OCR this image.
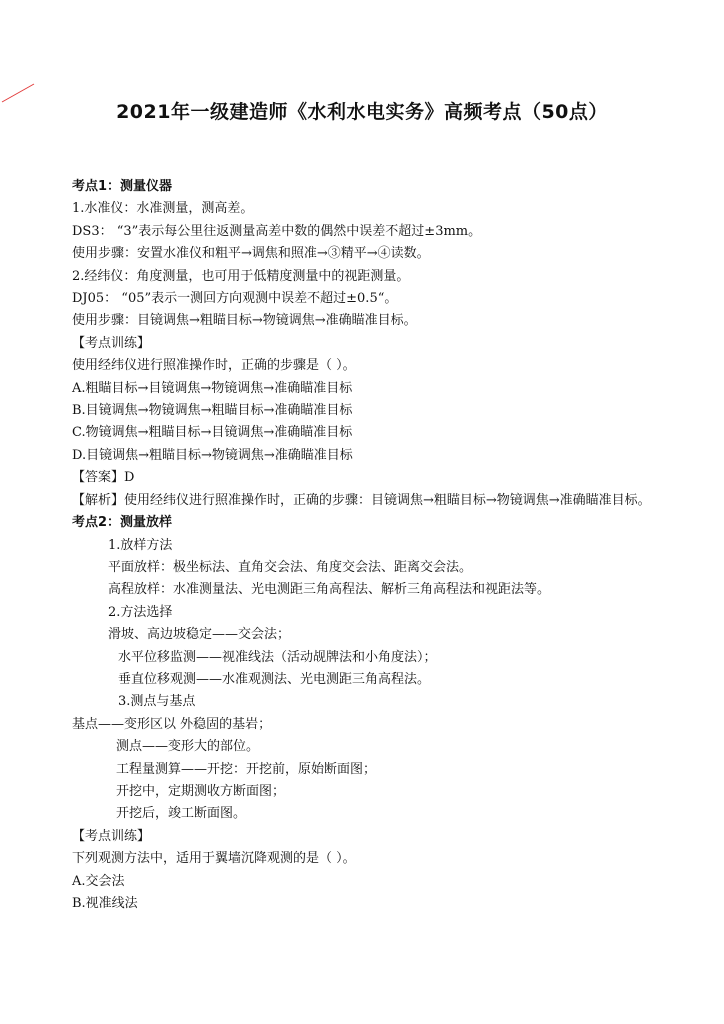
2021年一级建造师《水利水电实务》高频考点（50点）
考点1：测量仪器
1.水准仪：水准测量，测高差。
DS3： “3”表示每公里往返测量高差中数的偶然中误差不超过±3mm。
使用步骤：安置水准仪和粗平→调焦和照准→③精平→④读数。
2.经纬仪：角度测量，也可用于低精度测量中的视距测量。
DJ05： “05”表示一测回方向观测中误差不超过±0.5“。
使用步骤：目镜调焦→粗瞄目标→物镜调焦→准确瞄准目标。
【考点训练】
使用经纬仪进行照准操作时，正确的步骤是（ ）。
A.粗瞄目标→目镜调焦→物镜调焦→准确瞄准目标
B.目镜调焦→物镜调焦→粗瞄目标→准确瞄准目标
C.物镜调焦→粗瞄目标→目镜调焦→准确瞄准目标
D.目镜调焦→粗瞄目标→物镜调焦→准确瞄准目标
【答案】D
【解析】使用经纬仪进行照准操作时，正确的步骤：目镜调焦→粗瞄目标→物镜调焦→准确瞄准目标。
考点2：测量放样
1.放样方法
平面放样：极坐标法、直角交会法、角度交会法、距离交会法。
高程放样：水准测量法、光电测距三角高程法、解析三角高程法和视距法等。
2.方法选择
滑坡、高边坡稳定——交会法；
水平位移监测——视准线法（活动觇牌法和小角度法）；
垂直位移观测——水准观测法、光电测距三角高程法。
3.测点与基点
基点——变形区以 外稳固的基岩；
测点——变形大的部位。
工程量测算——开挖：开挖前，原始断面图；
开挖中，定期测收方断面图；
开挖后，竣工断面图。
【考点训练】
下列观测方法中，适用于翼墙沉降观测的是（ ）。
A.交会法
B.视准线法
